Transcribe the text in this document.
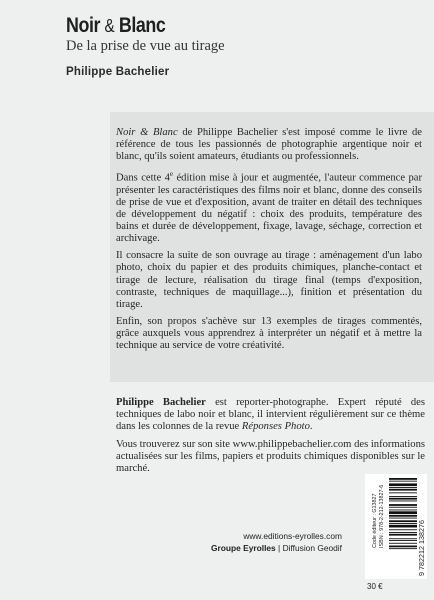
Noir & Blanc
De la prise de vue au tirage
Philippe Bachelier

Noir & Blanc de Philippe Bachelier s'est imposé comme le livre de référence de tous les passionnés de photographie argentique noir et blanc, qu'ils soient amateurs, étudiants ou professionnels.

Dans cette 4e édition mise à jour et augmentée, l'auteur commence par présenter les caractéristiques des films noir et blanc, donne des conseils de prise de vue et d'exposition, avant de traiter en détail des techniques de développement du négatif : choix des produits, température des bains et durée de développement, fixage, lavage, séchage, correction et archivage.

Il consacre la suite de son ouvrage au tirage : aménagement d'un labo photo, choix du papier et des produits chimiques, planche-contact et tirage de lecture, réalisation du tirage final (temps d'exposition, contraste, techniques de maquillage...), finition et présentation du tirage.

Enfin, son propos s'achève sur 13 exemples de tirages commentés, grâce auxquels vous apprendrez à interpréter un négatif et à mettre la technique au service de votre créativité.

Philippe Bachelier est reporter-photographe. Expert réputé des techniques de labo noir et blanc, il intervient régulièrement sur ce thème dans les colonnes de la revue Réponses Photo.

Vous trouverez sur son site www.philippebachelier.com des informations actualisées sur les films, papiers et produits chimiques disponibles sur le marché.

www.editions-eyrolles.com
Groupe Eyrolles | Diffusion Geodif	Code éditeur : G13827 ISBN : 978-2-212-13827-6
9 782212 138276
30 €
